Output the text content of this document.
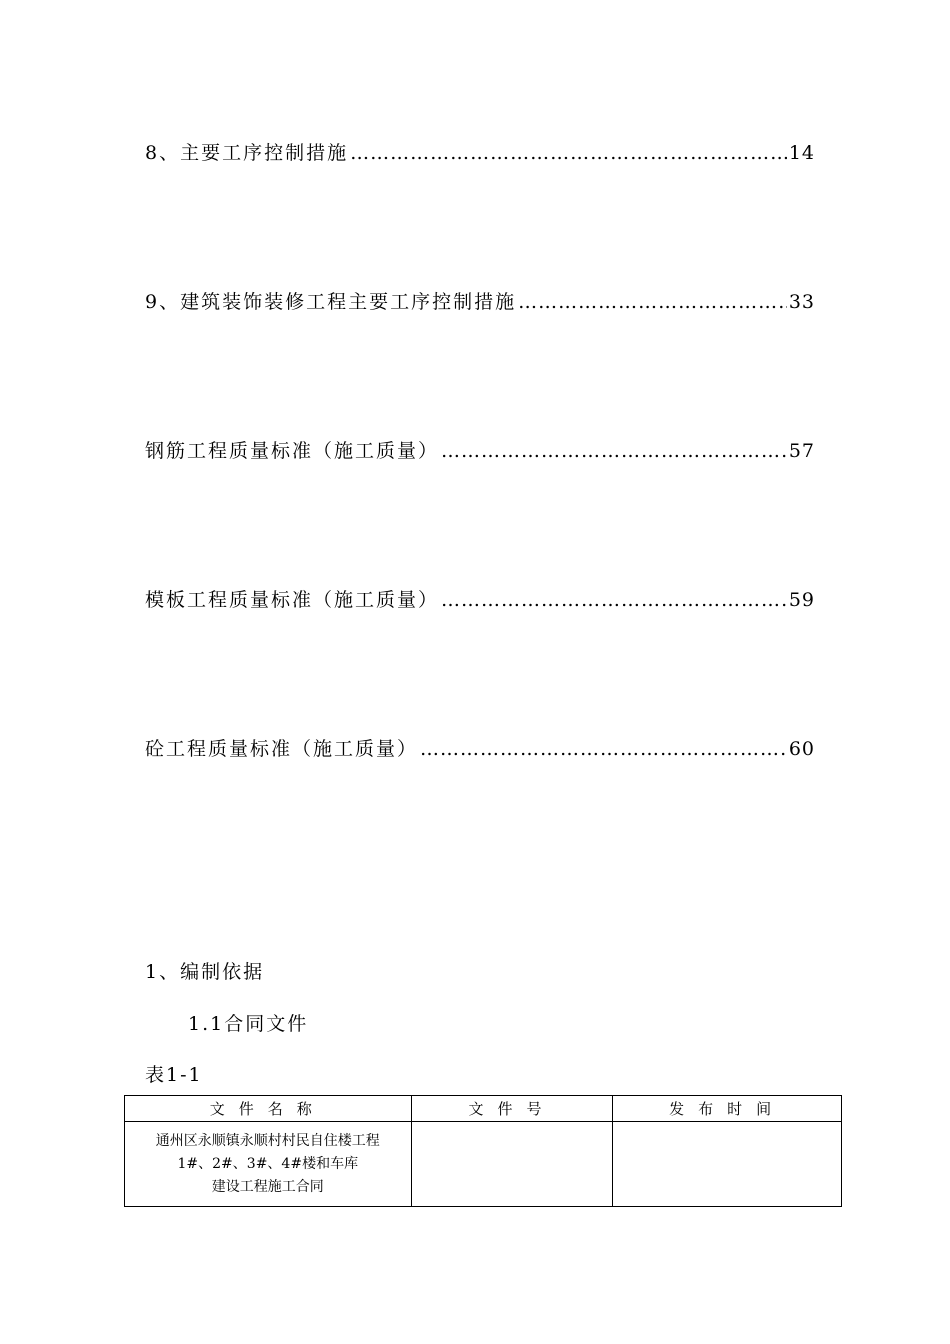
8、主要工序控制措施 …………………………………………………………………………………………………………………………………………………	14
9、建筑装饰装修工程主要工序控制措施 …………………………………………………………………………………………………………………………………………………	33
钢筋工程质量标准（施工质量） …………………………………………………………………………………………………………………………………………………	57
模板工程质量标准（施工质量） …………………………………………………………………………………………………………………………………………………	59
砼工程质量标准（施工质量） …………………………………………………………………………………………………………………………………………………	60
1、编制依据
1.1合同文件
表1-1
文件名称	文件号	发布时间

通州区永顺镇永顺村村民自住楼工程
1#、2#、3#、4#楼和车库
建设工程施工合同		
